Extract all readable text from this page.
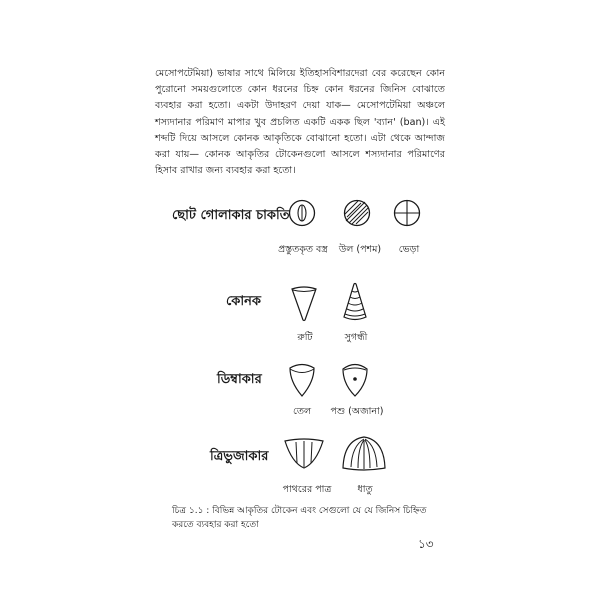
মেসোপটেমিয়া) ভাষার সাথে মিলিয়ে ইতিহাসবিশারদেরা বের করেছেন কোন পুরোনো সময়গুলোতে কোন ধরনের চিহ্ন কোন ধরনের জিনিস বোঝাতে ব্যবহার করা হতো। একটা উদাহরণ দেয়া যাক— মেসোপটেমিয়া অঞ্চলে শস্যদানার পরিমাণ মাপার খুব প্রচলিত একটি একক ছিল 'ব্যান' (ban)। এই শব্দটি দিয়ে আসলে কোনক আকৃতিকে বোঝানো হতো। এটা থেকে আন্দাজ করা যায়— কোনক আকৃতির টোকেনগুলো আসলে শস্যদানার পরিমাণের হিসাব রাখার জন্য ব্যবহার করা হতো।

ছোট গোলাকার চাকতি
প্রস্তুতকৃত বস্ত্র	উল (পশম)	ভেড়া
কোনক
রুটি	সুগন্ধী
ডিম্বাকার
তেল	পশু (অজানা)
ত্রিভুজাকার
পাথরের পাত্র	ধাতু

চিত্র ১.১ : বিভিন্ন আকৃতির টোকেন এবং সেগুলো যে যে জিনিস চিহ্নিত করতে ব্যবহার করা হতো

১৩
